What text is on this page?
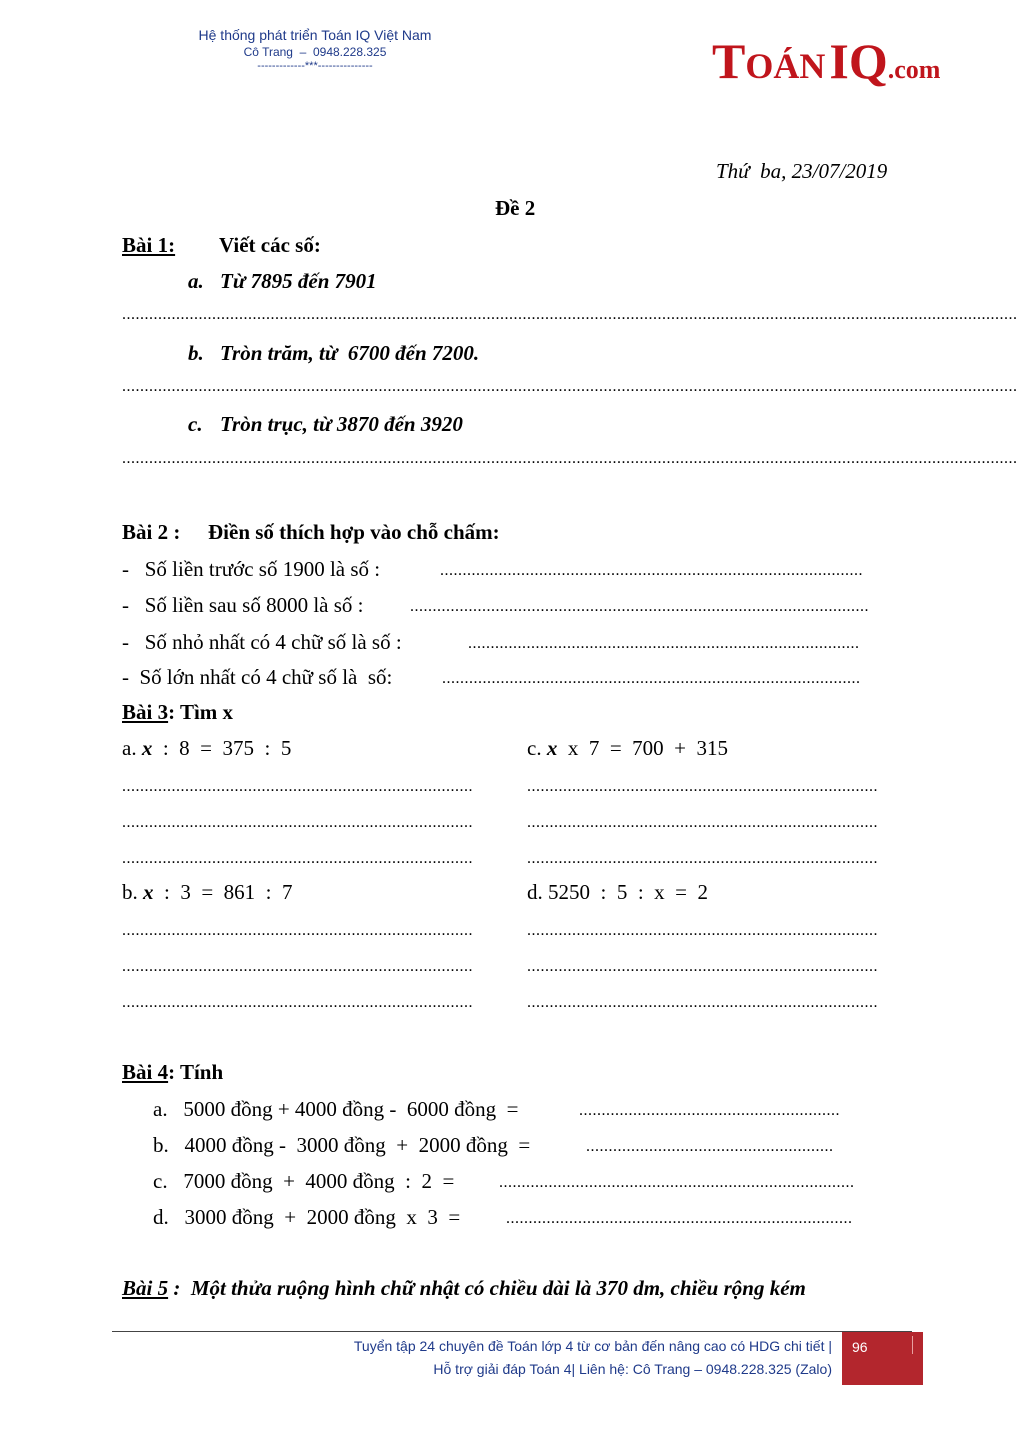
Hệ thống phát triển Toán IQ Việt Nam
Cô Trang  –  0948.228.325
-------------***---------------	TOÁNIQ.com
Thứ  ba, 23/07/2019
Đề 2
Bài 1: Viết các số:
a. Từ 7895 đến 7901
.......................................................................................................................................................................................................
b. Tròn trăm, từ  6700 đến 7200.
.......................................................................................................................................................................................................
c. Tròn trục, từ 3870 đến 3920
.......................................................................................................................................................................................................
Bài 2 : Điền số thích hợp vào chỗ chấm:
-   Số liền trước số 1900 là số :	..............................................................................................
-   Số liền sau số 8000 là số :	......................................................................................................
-   Số nhỏ nhất có 4 chữ số là số :	.......................................................................................
-  Số lớn nhất có 4 chữ số là  số:	.............................................................................................
Bài 3: Tìm x
a. x  :  8  =  375  :  5	c. x  x  7  =  700  +  315
..............................................................................
..............................................................................
..............................................................................
..............................................................................
..............................................................................
..............................................................................
b. x  :  3  =  861  :  7	d. 5250  :  5  :  x  =  2
..............................................................................
..............................................................................
..............................................................................
..............................................................................
..............................................................................
..............................................................................
Bài 4: Tính
a.   5000 đồng + 4000 đồng -  6000 đồng  =	..........................................................
b.   4000 đồng -  3000 đồng  +  2000 đồng  =	.......................................................
c.   7000 đồng  +  4000 đồng  :  2  = ...............................................................................
d.   3000 đồng  +  2000 đồng  x  3  =	.............................................................................
Bài 5 :  Một thửa ruộng hình chữ nhật có chiều dài là 370 dm, chiều rộng kém
Tuyển tập 24 chuyên đề Toán lớp 4 từ cơ bản đến nâng cao có HDG chi tiết |
Hỗ trợ giải đáp Toán 4| Liên hệ: Cô Trang – 0948.228.325 (Zalo)
96
